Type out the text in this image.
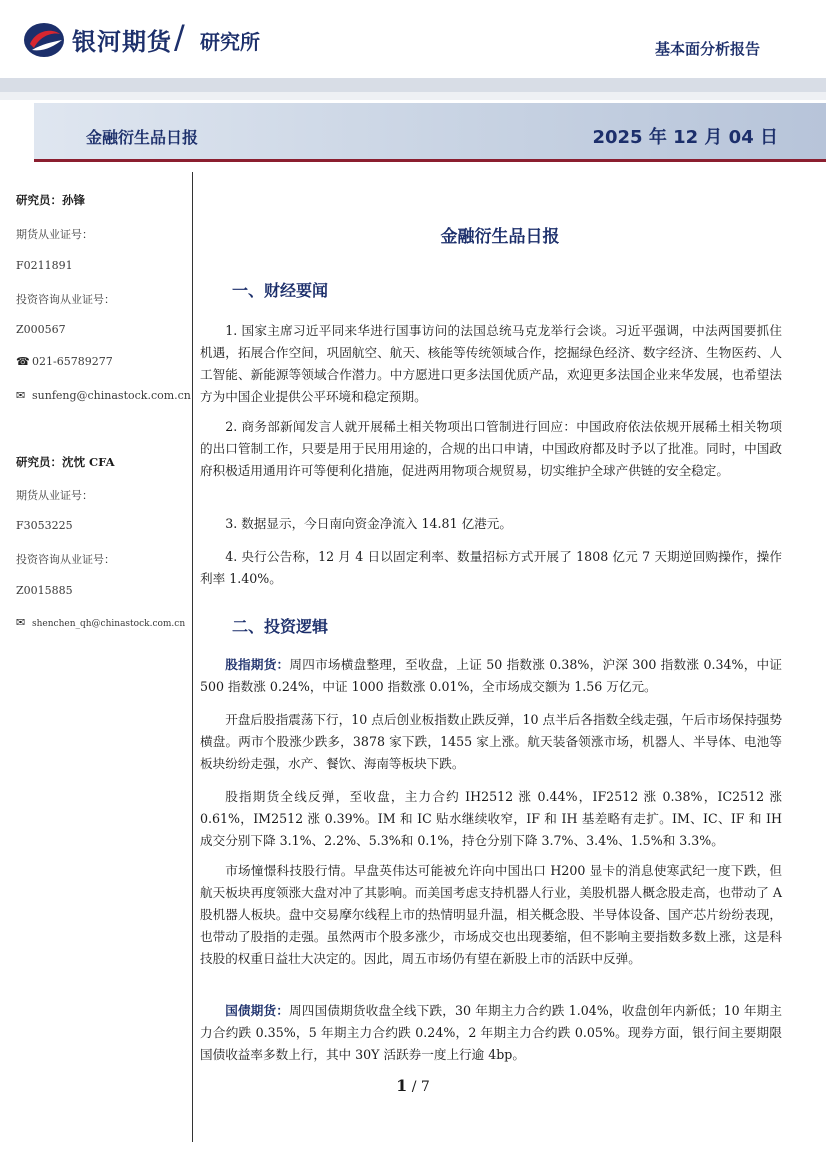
银河期货 / 研究所	基本面分析报告
金融衍生品日报	2025 年 12 月 04 日
研究员：孙锋
期货从业证号：
F0211891
投资咨询从业证号：
Z000567
☎ 021-65789277
✉ sunfeng@chinastock.com.cn
研究员：沈忱 CFA
期货从业证号：
F3053225
投资咨询从业证号：
Z0015885
✉ shenchen_qh@chinastock.com.cn
金融衍生品日报
一、财经要闻
1. 国家主席习近平同来华进行国事访问的法国总统马克龙举行会谈。习近平强调，中法两国要抓住机遇，拓展合作空间，巩固航空、航天、核能等传统领域合作，挖掘绿色经济、数字经济、生物医药、人工智能、新能源等领域合作潜力。中方愿进口更多法国优质产品，欢迎更多法国企业来华发展，也希望法方为中国企业提供公平环境和稳定预期。
2. 商务部新闻发言人就开展稀土相关物项出口管制进行回应：中国政府依法依规开展稀土相关物项的出口管制工作，只要是用于民用用途的，合规的出口申请，中国政府都及时予以了批准。同时，中国政府积极适用通用许可等便利化措施，促进两用物项合规贸易，切实维护全球产供链的安全稳定。
3. 数据显示，今日南向资金净流入 14.81 亿港元。
4. 央行公告称，12 月 4 日以固定利率、数量招标方式开展了 1808 亿元 7 天期逆回购操作，操作利率 1.40%。
二、投资逻辑
股指期货：周四市场横盘整理，至收盘，上证 50 指数涨 0.38%，沪深 300 指数涨 0.34%，中证 500 指数涨 0.24%，中证 1000 指数涨 0.01%，全市场成交额为 1.56 万亿元。
开盘后股指震荡下行，10 点后创业板指数止跌反弹，10 点半后各指数全线走强，午后市场保持强势横盘。两市个股涨少跌多，3878 家下跌，1455 家上涨。航天装备领涨市场，机器人、半导体、电池等板块纷纷走强，水产、餐饮、海南等板块下跌。
股指期货全线反弹，至收盘，主力合约 IH2512 涨 0.44%，IF2512 涨 0.38%，IC2512 涨 0.61%，IM2512 涨 0.39%。IM 和 IC 贴水继续收窄，IF 和 IH 基差略有走扩。IM、IC、IF 和 IH 成交分别下降 3.1%、2.2%、5.3%和 0.1%，持仓分别下降 3.7%、3.4%、1.5%和 3.3%。
市场憧憬科技股行情。早盘英伟达可能被允许向中国出口 H200 显卡的消息使寒武纪一度下跌，但航天板块再度领涨大盘对冲了其影响。而美国考虑支持机器人行业，美股机器人概念股走高，也带动了 A 股机器人板块。盘中交易摩尔线程上市的热情明显升温，相关概念股、半导体设备、国产芯片纷纷表现，也带动了股指的走强。虽然两市个股多涨少，市场成交也出现萎缩，但不影响主要指数多数上涨，这是科技股的权重日益壮大决定的。因此，周五市场仍有望在新股上市的活跃中反弹。
国债期货：周四国债期货收盘全线下跌，30 年期主力合约跌 1.04%，收盘创年内新低；10 年期主力合约跌 0.35%，5 年期主力合约跌 0.24%，2 年期主力合约跌 0.05%。现券方面，银行间主要期限国债收益率多数上行，其中 30Y 活跃券一度上行逾 4bp。
1 / 7
